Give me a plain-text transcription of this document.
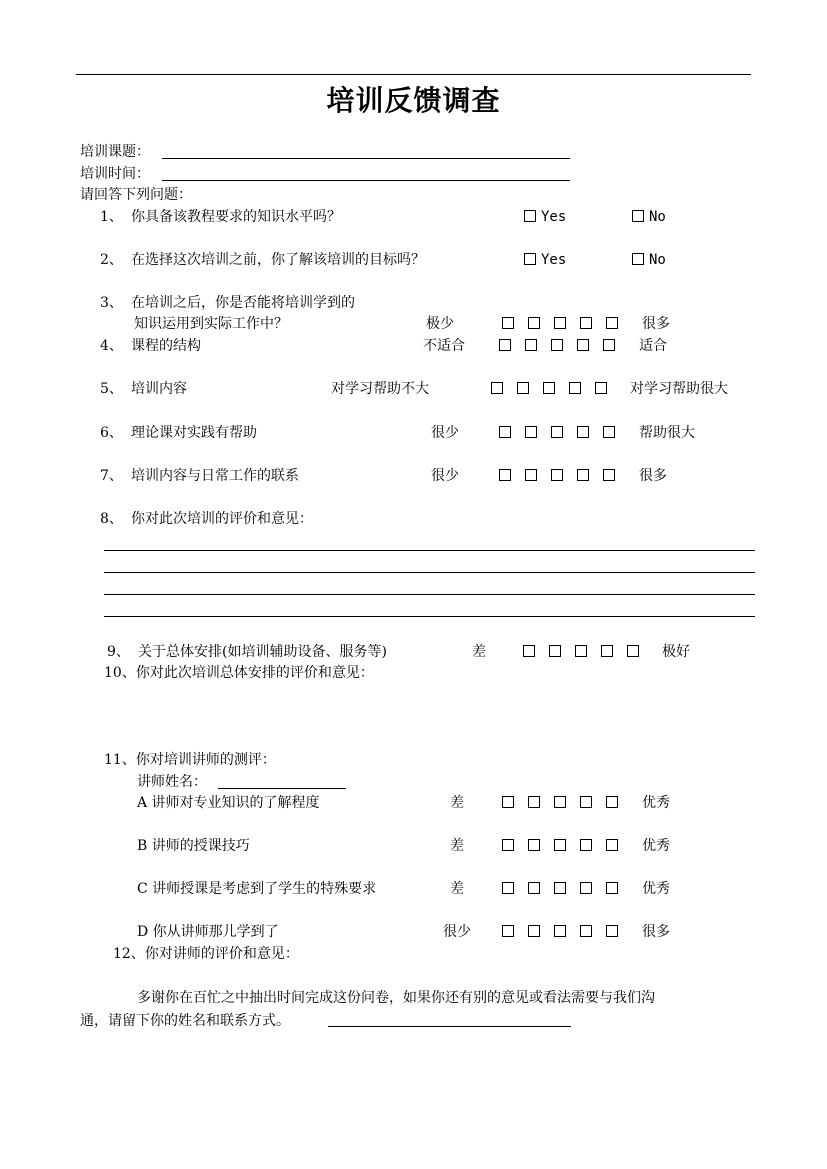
培训反馈调查
培训课题：
培训时间：
请回答下列问题：
1、 你具备该教程要求的知识水平吗？	Yes	No
2、 在选择这次培训之前，你了解该培训的目标吗？	Yes	No
3、 在培训之后，你是否能将培训学到的
知识运用到实际工作中？	极少	很多
4、 课程的结构	不适合	适合
5、 培训内容	对学习帮助不大	对学习帮助很大
6、 理论课对实践有帮助	很少	帮助很大
7、 培训内容与日常工作的联系	很少	很多
8、 你对此次培训的评价和意见：
9、 关于总体安排(如培训辅助设备、服务等)	差	极好
10、你对此次培训总体安排的评价和意见：
11、你对培训讲师的测评：
讲师姓名：
A 讲师对专业知识的了解程度	差	优秀
B 讲师的授课技巧	差	优秀
C 讲师授课是考虑到了学生的特殊要求	差	优秀
D 你从讲师那儿学到了	很少	很多
12、你对讲师的评价和意见：
多谢你在百忙之中抽出时间完成这份问卷，如果你还有别的意见或看法需要与我们沟
通，请留下你的姓名和联系方式。
